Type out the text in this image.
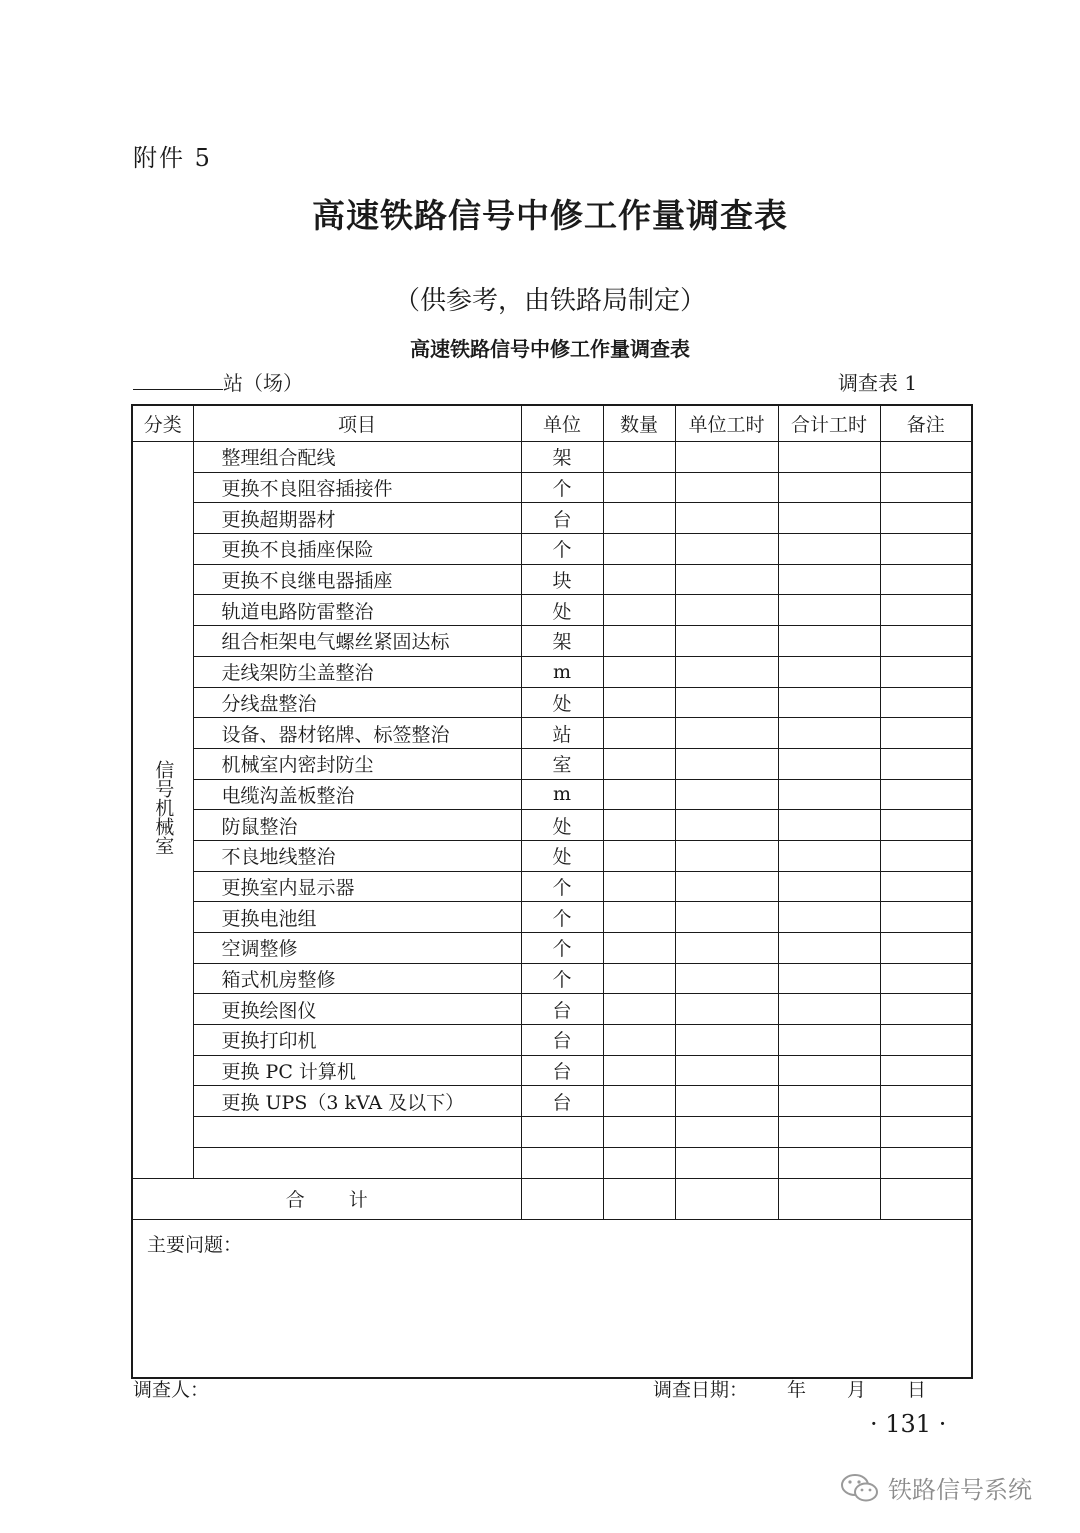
附件 5
高速铁路信号中修工作量调查表
（供参考，由铁路局制定）
高速铁路信号中修工作量调查表
站（场）	调查表 1
分类	项目	单位	数量	单位工时	合计工时	备注
信号机械室	整理组合配线	架				
	更换不良阻容插接件	个				
	更换超期器材	台				
	更换不良插座保险	个				
	更换不良继电器插座	块				
	轨道电路防雷整治	处				
	组合柜架电气螺丝紧固达标	架				
	走线架防尘盖整治	m				
	分线盘整治	处				
	设备、器材铭牌、标签整治	站				
	机械室内密封防尘	室				
	电缆沟盖板整治	m				
	防鼠整治	处				
	不良地线整治	处				
	更换室内显示器	个				
	更换电池组	个				
	空调整修	个				
	箱式机房整修	个				
	更换绘图仪	台				
	更换打印机	台				
	更换 PC 计算机	台				
	更换 UPS（3 kVA 及以下）	台				

合计						
主要问题：						
调查人：	调查日期： 年 月 日
· 131 ·
铁路信号系统
